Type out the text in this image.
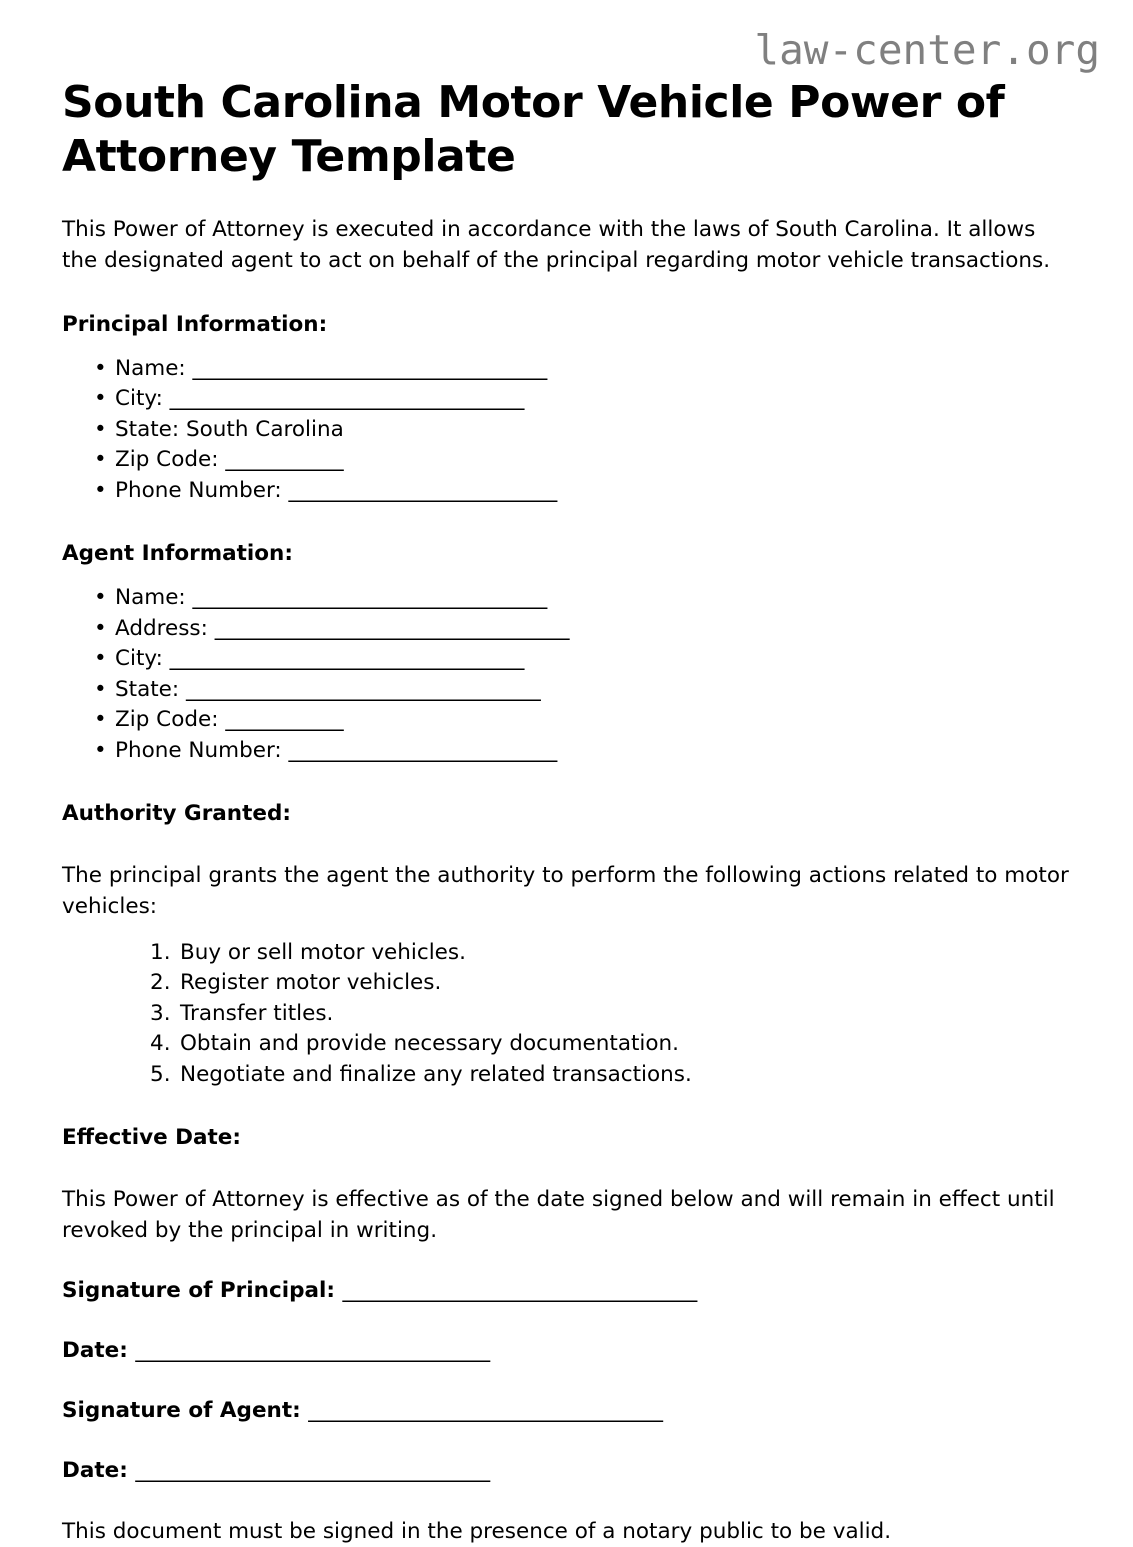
law-center.org
South Carolina Motor Vehicle Power of Attorney Template

This Power of Attorney is executed in accordance with the laws of South Carolina. It allows the designated agent to act on behalf of the principal regarding motor vehicle transactions.

Principal Information:
• Name: _________________________________
• City: _________________________________
• State: South Carolina
• Zip Code: ___________
• Phone Number: _________________________
Agent Information:
• Name: _________________________________
• Address: _________________________________
• City: _________________________________
• State: _________________________________
• Zip Code: ___________
• Phone Number: _________________________
Authority Granted:

The principal grants the agent the authority to perform the following actions related to motor vehicles:

Buy or sell motor vehicles.
Register motor vehicles.
Transfer titles.
Obtain and provide necessary documentation.
Negotiate and finalize any related transactions.
Effective Date:

This Power of Attorney is effective as of the date signed below and will remain in effect until revoked by the principal in writing.

Signature of Principal: _________________________________
Date: _________________________________
Signature of Agent: _________________________________
Date: _________________________________

This document must be signed in the presence of a notary public to be valid.
